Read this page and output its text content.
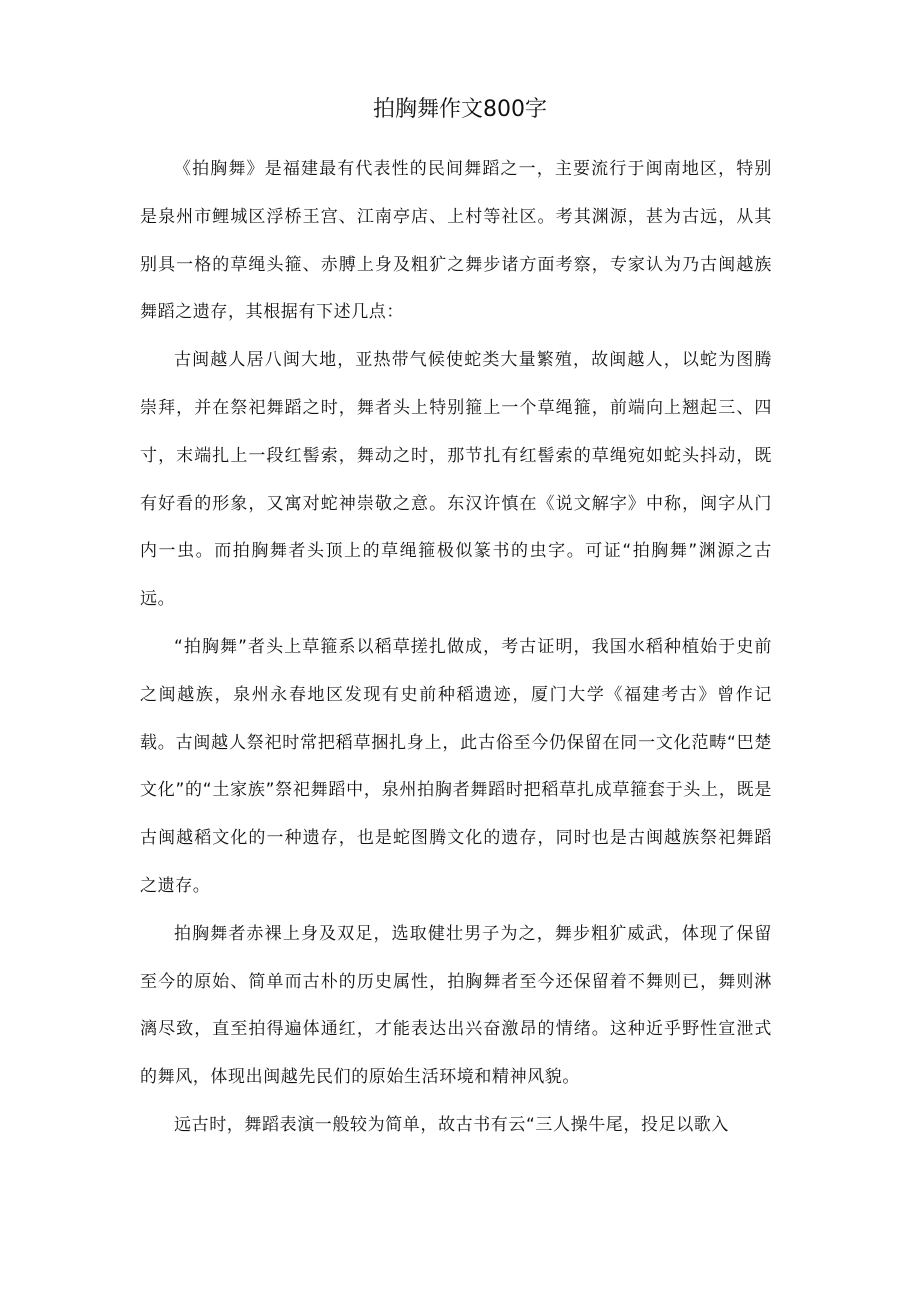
拍胸舞作文800字

《拍胸舞》是福建最有代表性的民间舞蹈之一，主要流行于闽南地区，特别是泉州市鲤城区浮桥王宫、江南亭店、上村等社区。考其渊源，甚为古远，从其别具一格的草绳头箍、赤膊上身及粗犷之舞步诸方面考察，专家认为乃古闽越族舞蹈之遗存，其根据有下述几点：

古闽越人居八闽大地，亚热带气候使蛇类大量繁殖，故闽越人，以蛇为图腾崇拜，并在祭祀舞蹈之时，舞者头上特别箍上一个草绳箍，前端向上翘起三、四寸，末端扎上一段红髻索，舞动之时，那节扎有红髻索的草绳宛如蛇头抖动，既有好看的形象，又寓对蛇神崇敬之意。东汉许慎在《说文解字》中称，闽字从门内一虫。而拍胸舞者头顶上的草绳箍极似篆书的虫字。可证“拍胸舞”渊源之古远。

“拍胸舞”者头上草箍系以稻草搓扎做成，考古证明，我国水稻种植始于史前之闽越族，泉州永春地区发现有史前种稻遗迹，厦门大学《福建考古》曾作记载。古闽越人祭祀时常把稻草捆扎身上，此古俗至今仍保留在同一文化范畴“巴楚文化”的“土家族”祭祀舞蹈中，泉州拍胸者舞蹈时把稻草扎成草箍套于头上，既是古闽越稻文化的一种遗存，也是蛇图腾文化的遗存，同时也是古闽越族祭祀舞蹈之遗存。

拍胸舞者赤裸上身及双足，选取健壮男子为之，舞步粗犷威武，体现了保留至今的原始、简单而古朴的历史属性，拍胸舞者至今还保留着不舞则已，舞则淋漓尽致，直至拍得遍体通红，才能表达出兴奋激昂的情绪。这种近乎野性宣泄式的舞风，体现出闽越先民们的原始生活环境和精神风貌。

远古时，舞蹈表演一般较为简单，故古书有云“三人操牛尾，投足以歌入
